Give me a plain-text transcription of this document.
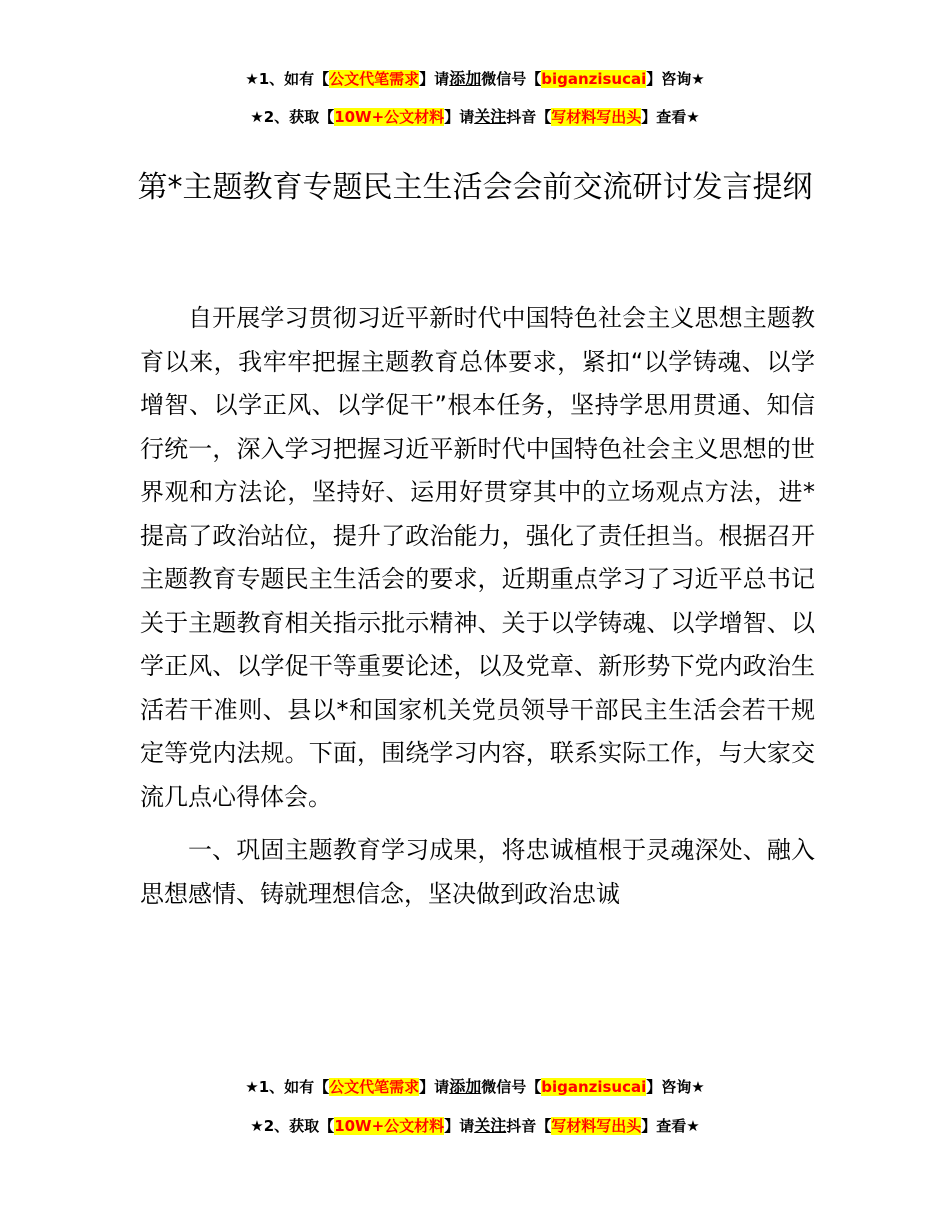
★1、如有【公文代笔需求】请添加微信号【biganzisucai】咨询★
★2、获取【10W+公文材料】请关注抖音【写材料写出头】查看★
第*主题教育专题民主生活会会前交流研讨发言提纲

自开展学习贯彻习近平新时代中国特色社会主义思想主题教育以来，我牢牢把握主题教育总体要求，紧扣“以学铸魂、以学增智、以学正风、以学促干”根本任务，坚持学思用贯通、知信行统一，深入学习把握习近平新时代中国特色社会主义思想的世界观和方法论，坚持好、运用好贯穿其中的立场观点方法，进*提高了政治站位，提升了政治能力，强化了责任担当。根据召开主题教育专题民主生活会的要求，近期重点学习了习近平总书记关于主题教育相关指示批示精神、关于以学铸魂、以学增智、以学正风、以学促干等重要论述，以及党章、新形势下党内政治生活若干准则、县以*和国家机关党员领导干部民主生活会若干规定等党内法规。下面，围绕学习内容，联系实际工作，与大家交流几点心得体会。

一、巩固主题教育学习成果，将忠诚植根于灵魂深处、融入思想感情、铸就理想信念，坚决做到政治忠诚

★1、如有【公文代笔需求】请添加微信号【biganzisucai】咨询★
★2、获取【10W+公文材料】请关注抖音【写材料写出头】查看★
